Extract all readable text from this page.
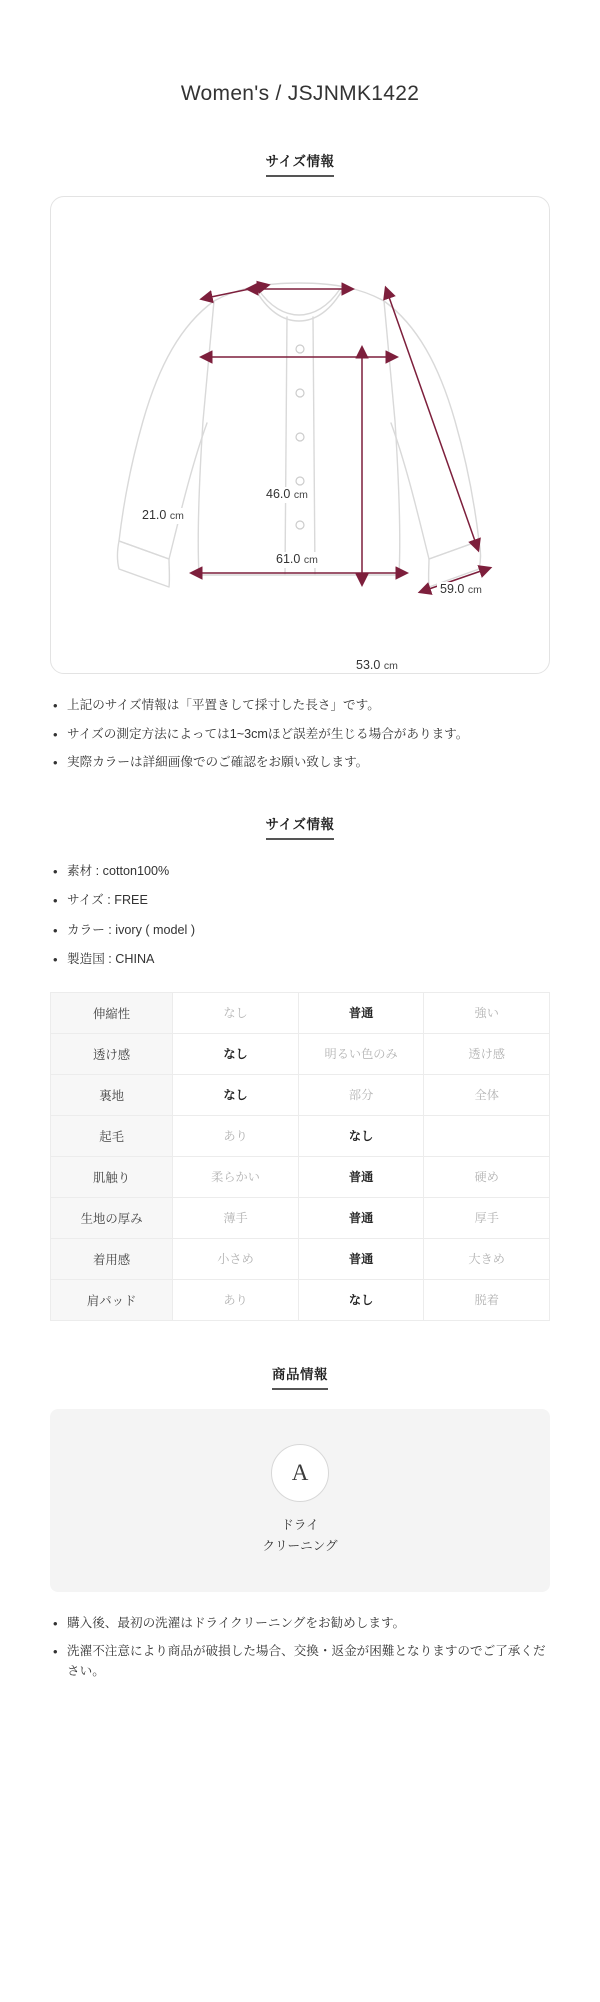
Women's / JSJNMK1422
サイズ情報
21.0 cm
46.0 cm
61.0 cm
59.0 cm
53.0 cm
• 上記のサイズ情報は「平置きして採寸した長さ」です。
• サイズの測定方法によっては1~3cmほど誤差が生じる場合があります。
• 実際カラーは詳細画像でのご確認をお願い致します。
サイズ情報
• 素材 : cotton100%
• サイズ : FREE
• カラー : ivory ( model )
• 製造国 : CHINA
伸縮性	なし	普通	強い
透け感	なし	明るい色のみ	透け感
裏地	なし	部分	全体
起毛	あり	なし	
肌触り	柔らかい	普通	硬め
生地の厚み	薄手	普通	厚手
着用感	小さめ	普通	大きめ
肩パッド	あり	なし	脱着
商品情報
A
ドライ
クリーニング
• 購入後、最初の洗濯はドライクリーニングをお勧めします。
• 洗濯不注意により商品が破損した場合、交換・返金が困難となりますのでご了承ください。
